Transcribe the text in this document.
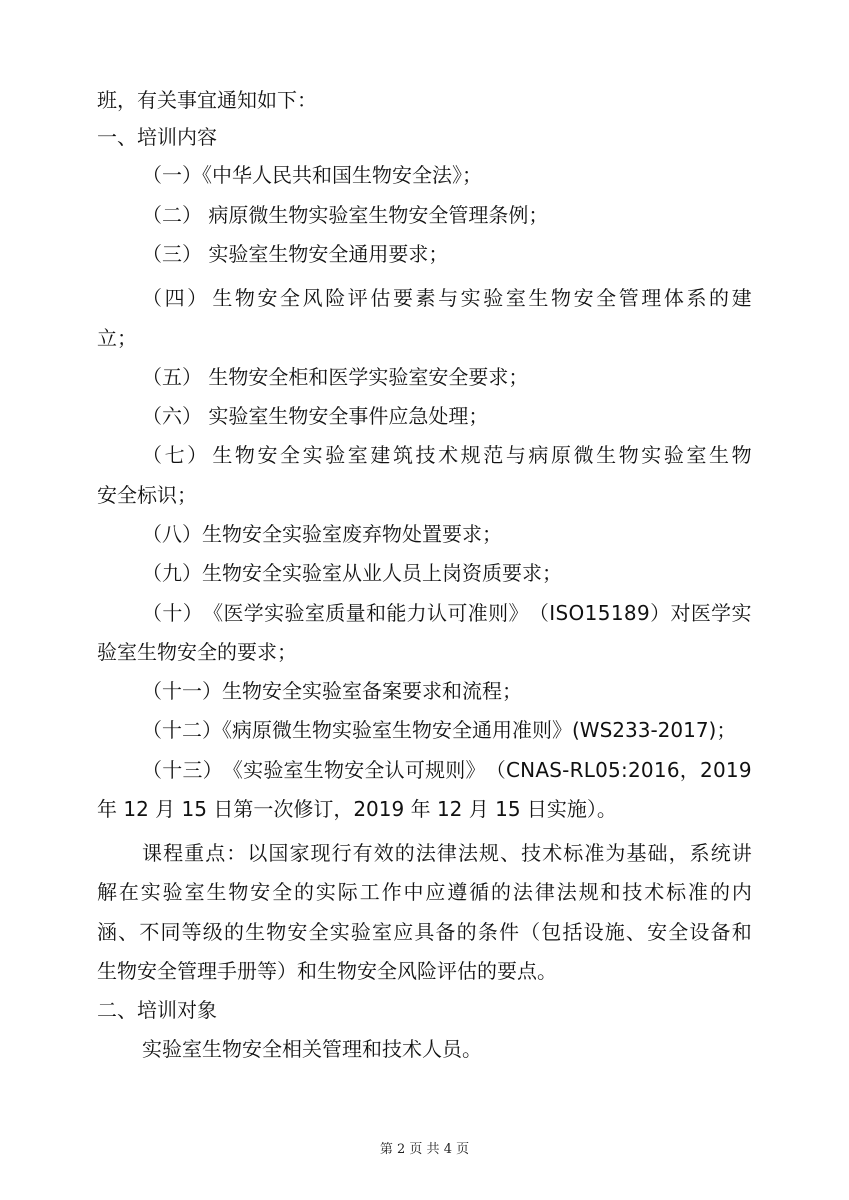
班，有关事宜通知如下：
一、培训内容
（一）《中华人民共和国生物安全法》；
（二） 病原微生物实验室生物安全管理条例；
（三） 实验室生物安全通用要求；
（ 四 ） 生 物 安 全 风 险 评 估 要 素 与 实 验 室 生 物 安 全 管 理 体 系 的 建
立；
（五） 生物安全柜和医学实验室安全要求；
（六） 实验室生物安全事件应急处理；
（ 七 ） 生 物 安 全 实 验 室 建 筑 技 术 规 范 与 病 原 微 生 物 实 验 室 生 物
安全标识；
（八）生物安全实验室废弃物处置要求；
（九）生物安全实验室从业人员上岗资质要求；
（ 十 ） 《 医 学 实 验 室 质 量 和 能 力 认 可 准 则 》 （ I S O 1 5 1 8 9 ） 对 医 学 实
验室生物安全的要求；
（十一）生物安全实验室备案要求和流程；
（十二）《病原微生物实验室生物安全通用准则》(WS233-2017)；
（ 十 三 ） 《 实 验 室 生 物 安 全 认 可 规 则 》 （ C N A S - R L 0 5 : 2 0 1 6 ， 2 0 1 9
年 12 月 15 日第一次修订，2019 年 12 月 15 日实施）。
课 程 重 点 ： 以 国 家 现 行 有 效 的 法 律 法 规 、 技 术 标 准 为 基 础 ， 系 统 讲
解 在 实 验 室 生 物 安 全 的 实 际 工 作 中 应 遵 循 的 法 律 法 规 和 技 术 标 准 的 内
涵 、 不 同 等 级 的 生 物 安 全 实 验 室 应 具 备 的 条 件 （ 包 括 设 施 、 安 全 设 备 和
生物安全管理手册等）和生物安全风险评估的要点。
二、培训对象
实验室生物安全相关管理和技术人员。
第 2 页 共 4 页
